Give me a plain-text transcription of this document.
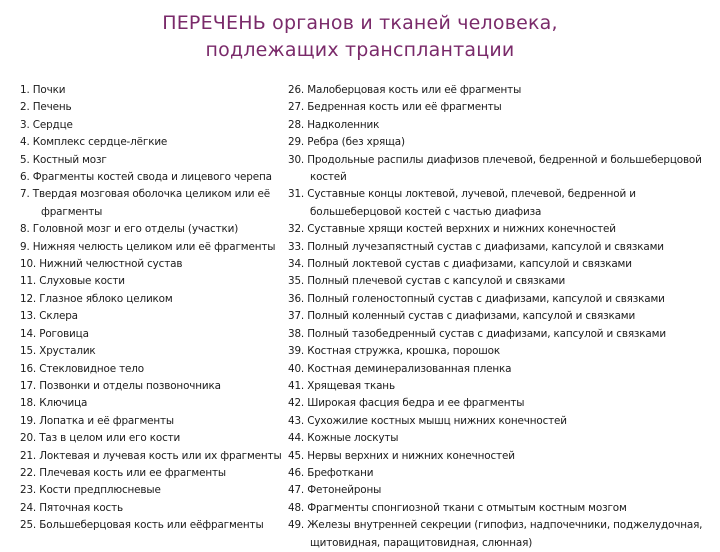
ПЕРЕЧЕНЬ органов и тканей человека,
подлежащих трансплантации
1. Почки
2. Печень
3. Сердце
4. Комплекс сердце-лёгкие
5. Костный мозг
6. Фрагменты костей свода и лицевого черепа
7. Твердая мозговая оболочка целиком или её
фрагменты
8. Головной мозг и его отделы (участки)
9. Нижняя челюсть целиком или её фрагменты
10. Нижний челюстной сустав
11. Слуховые кости
12. Глазное яблоко целиком
13. Склера
14. Роговица
15. Хрусталик
16. Стекловидное тело
17. Позвонки и отделы позвоночника
18. Ключица
19. Лопатка и её фрагменты
20. Таз в целом или его кости
21. Локтевая и лучевая кость или их фрагменты
22. Плечевая кость или ее фрагменты
23. Кости предплюсневые
24. Пяточная кость
25. Большеберцовая кость или еёфрагменты
26. Малоберцовая кость или её фрагменты
27. Бедренная кость или её фрагменты
28. Надколенник
29. Ребра (без хряща)
30. Продольные распилы диафизов плечевой, бедренной и большеберцовой
костей
31. Суставные концы локтевой, лучевой, плечевой, бедренной и
большеберцовой костей с частью диафиза
32. Суставные хрящи костей верхних и нижних конечностей
33. Полный лучезапястный сустав с диафизами, капсулой и связками
34. Полный локтевой сустав с диафизами, капсулой и связками
35. Полный плечевой сустав с капсулой и связками
36. Полный голеностопный сустав с диафизами, капсулой и связками
37. Полный коленный сустав с диафизами, капсулой и связками
38. Полный тазобедренный сустав с диафизами, капсулой и связками
39. Костная стружка, крошка, порошок
40. Костная деминерализованная пленка
41. Хрящевая ткань
42. Широкая фасция бедра и ее фрагменты
43. Сухожилие костных мышц нижних конечностей
44. Кожные лоскуты
45. Нервы верхних и нижних конечностей
46. Брефоткани
47. Фетонейроны
48. Фрагменты спонгиозной ткани с отмытым костным мозгом
49. Железы внутренней секреции (гипофиз, надпочечники, поджелудочная,
щитовидная, паращитовидная, слюнная)
